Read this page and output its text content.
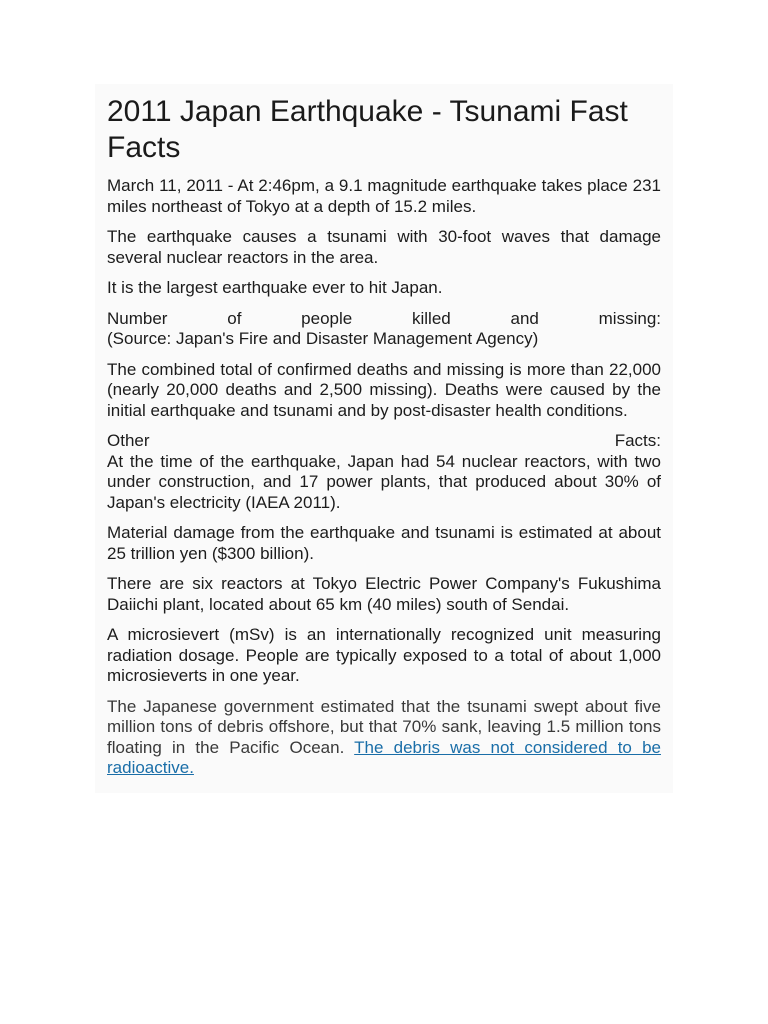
2011 Japan Earthquake - Tsunami Fast Facts

March 11, 2011 - At 2:46pm, a 9.1 magnitude earthquake takes place 231 miles northeast of Tokyo at a depth of 15.2 miles.

The earthquake causes a tsunami with 30-foot waves that damage several nuclear reactors in the area.

It is the largest earthquake ever to hit Japan.

Number of people killed and missing:
(Source: Japan's Fire and Disaster Management Agency)

The combined total of confirmed deaths and missing is more than 22,000 (nearly 20,000 deaths and 2,500 missing). Deaths were caused by the initial earthquake and tsunami and by post-disaster health conditions.

Other Facts:
At the time of the earthquake, Japan had 54 nuclear reactors, with two under construction, and 17 power plants, that produced about 30% of Japan's electricity (IAEA 2011).

Material damage from the earthquake and tsunami is estimated at about 25 trillion yen ($300 billion).

There are six reactors at Tokyo Electric Power Company's Fukushima Daiichi plant, located about 65 km (40 miles) south of Sendai.

A microsievert (mSv) is an internationally recognized unit measuring radiation dosage. People are typically exposed to a total of about 1,000 microsieverts in one year.

The Japanese government estimated that the tsunami swept about five million tons of debris offshore, but that 70% sank, leaving 1.5 million tons floating in the Pacific Ocean. The debris was not considered to be radioactive.
